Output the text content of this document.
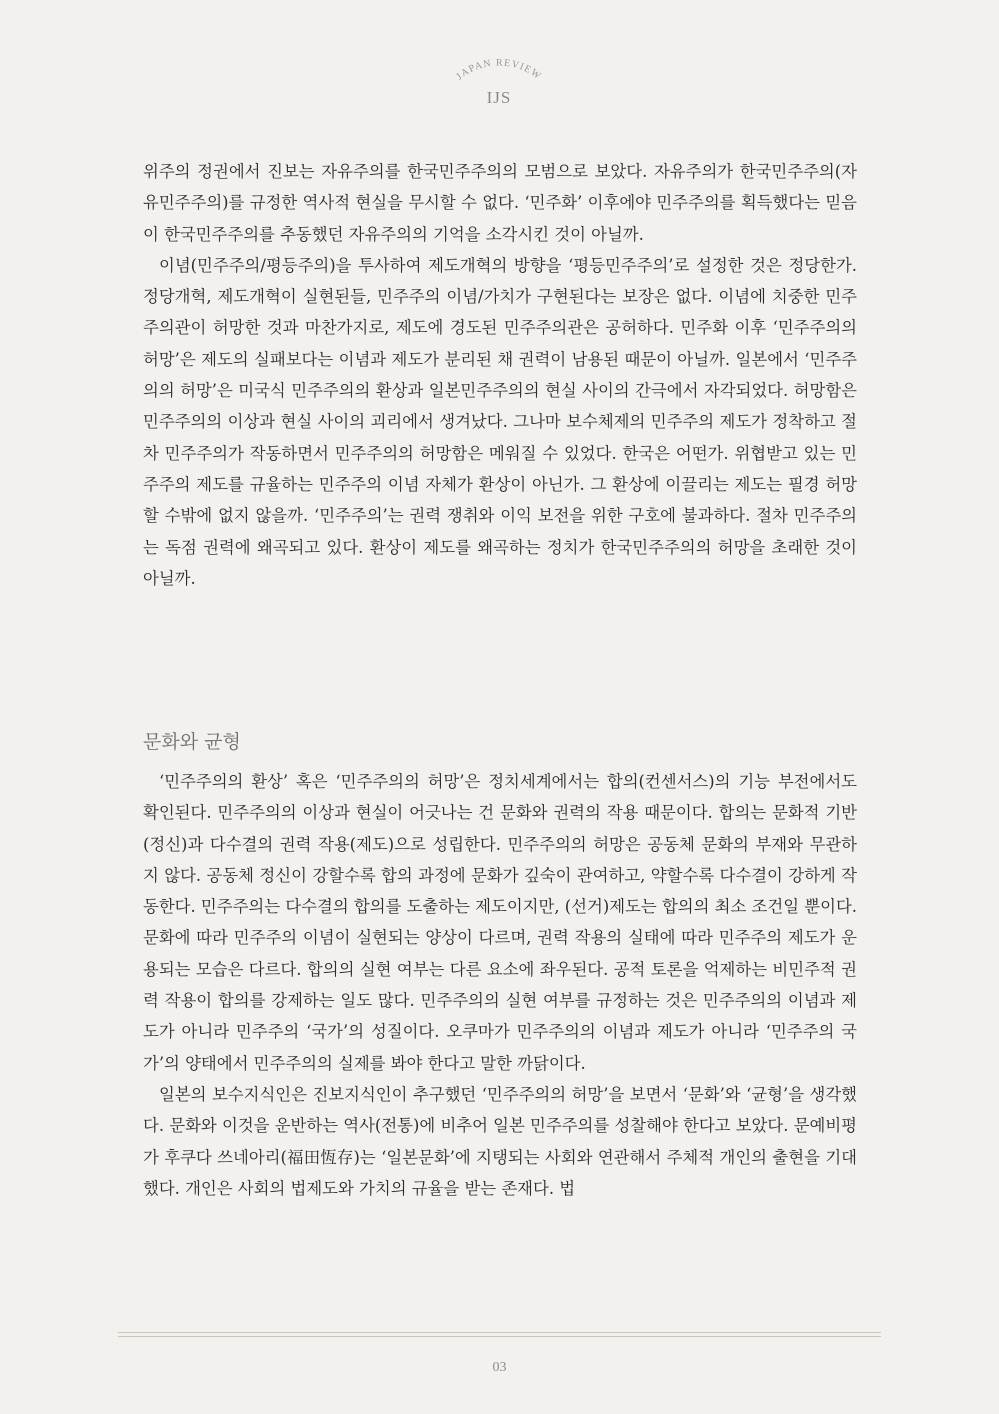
JAPAN REVIEW
IJS

위주의 정권에서 진보는 자유주의를 한국민주주의의 모범으로 보았다. 자유주의가 한국민주주의(자유민주주의)를 규정한 역사적 현실을 무시할 수 없다. ‘민주화’ 이후에야 민주주의를 획득했다는 믿음이 한국민주주의를 추동했던 자유주의의 기억을 소각시킨 것이 아닐까.

이념(민주주의/평등주의)을 투사하여 제도개혁의 방향을 ‘평등민주주의’로 설정한 것은 정당한가. 정당개혁, 제도개혁이 실현된들, 민주주의 이념/가치가 구현된다는 보장은 없다. 이념에 치중한 민주주의관이 허망한 것과 마찬가지로, 제도에 경도된 민주주의관은 공허하다. 민주화 이후 ‘민주주의의 허망’은 제도의 실패보다는 이념과 제도가 분리된 채 권력이 남용된 때문이 아닐까. 일본에서 ‘민주주의의 허망’은 미국식 민주주의의 환상과 일본민주주의의 현실 사이의 간극에서 자각되었다. 허망함은 민주주의의 이상과 현실 사이의 괴리에서 생겨났다. 그나마 보수체제의 민주주의 제도가 정착하고 절차 민주주의가 작동하면서 민주주의의 허망함은 메워질 수 있었다. 한국은 어떤가. 위협받고 있는 민주주의 제도를 규율하는 민주주의 이념 자체가 환상이 아닌가. 그 환상에 이끌리는 제도는 필경 허망할 수밖에 없지 않을까. ‘민주주의’는 권력 쟁취와 이익 보전을 위한 구호에 불과하다. 절차 민주주의는 독점 권력에 왜곡되고 있다. 환상이 제도를 왜곡하는 정치가 한국민주주의의 허망을 초래한 것이 아닐까.

문화와 균형

‘민주주의의 환상’ 혹은 ‘민주주의의 허망’은 정치세계에서는 합의(컨센서스)의 기능 부전에서도 확인된다. 민주주의의 이상과 현실이 어긋나는 건 문화와 권력의 작용 때문이다. 합의는 문화적 기반(정신)과 다수결의 권력 작용(제도)으로 성립한다. 민주주의의 허망은 공동체 문화의 부재와 무관하지 않다. 공동체 정신이 강할수록 합의 과정에 문화가 깊숙이 관여하고, 약할수록 다수결이 강하게 작동한다. 민주주의는 다수결의 합의를 도출하는 제도이지만, (선거)제도는 합의의 최소 조건일 뿐이다. 문화에 따라 민주주의 이념이 실현되는 양상이 다르며, 권력 작용의 실태에 따라 민주주의 제도가 운용되는 모습은 다르다. 합의의 실현 여부는 다른 요소에 좌우된다. 공적 토론을 억제하는 비민주적 권력 작용이 합의를 강제하는 일도 많다. 민주주의의 실현 여부를 규정하는 것은 민주주의의 이념과 제도가 아니라 민주주의 ‘국가’의 성질이다. 오쿠마가 민주주의의 이념과 제도가 아니라 ‘민주주의 국가’의 양태에서 민주주의의 실제를 봐야 한다고 말한 까닭이다.

일본의 보수지식인은 진보지식인이 추구했던 ‘민주주의의 허망’을 보면서 ‘문화’와 ‘균형’을 생각했다. 문화와 이것을 운반하는 역사(전통)에 비추어 일본 민주주의를 성찰해야 한다고 보았다. 문예비평가 후쿠다 쓰네아리(福田恆存)는 ‘일본문화’에 지탱되는 사회와 연관해서 주체적 개인의 출현을 기대했다. 개인은 사회의 법제도와 가치의 규율을 받는 존재다. 법

03
